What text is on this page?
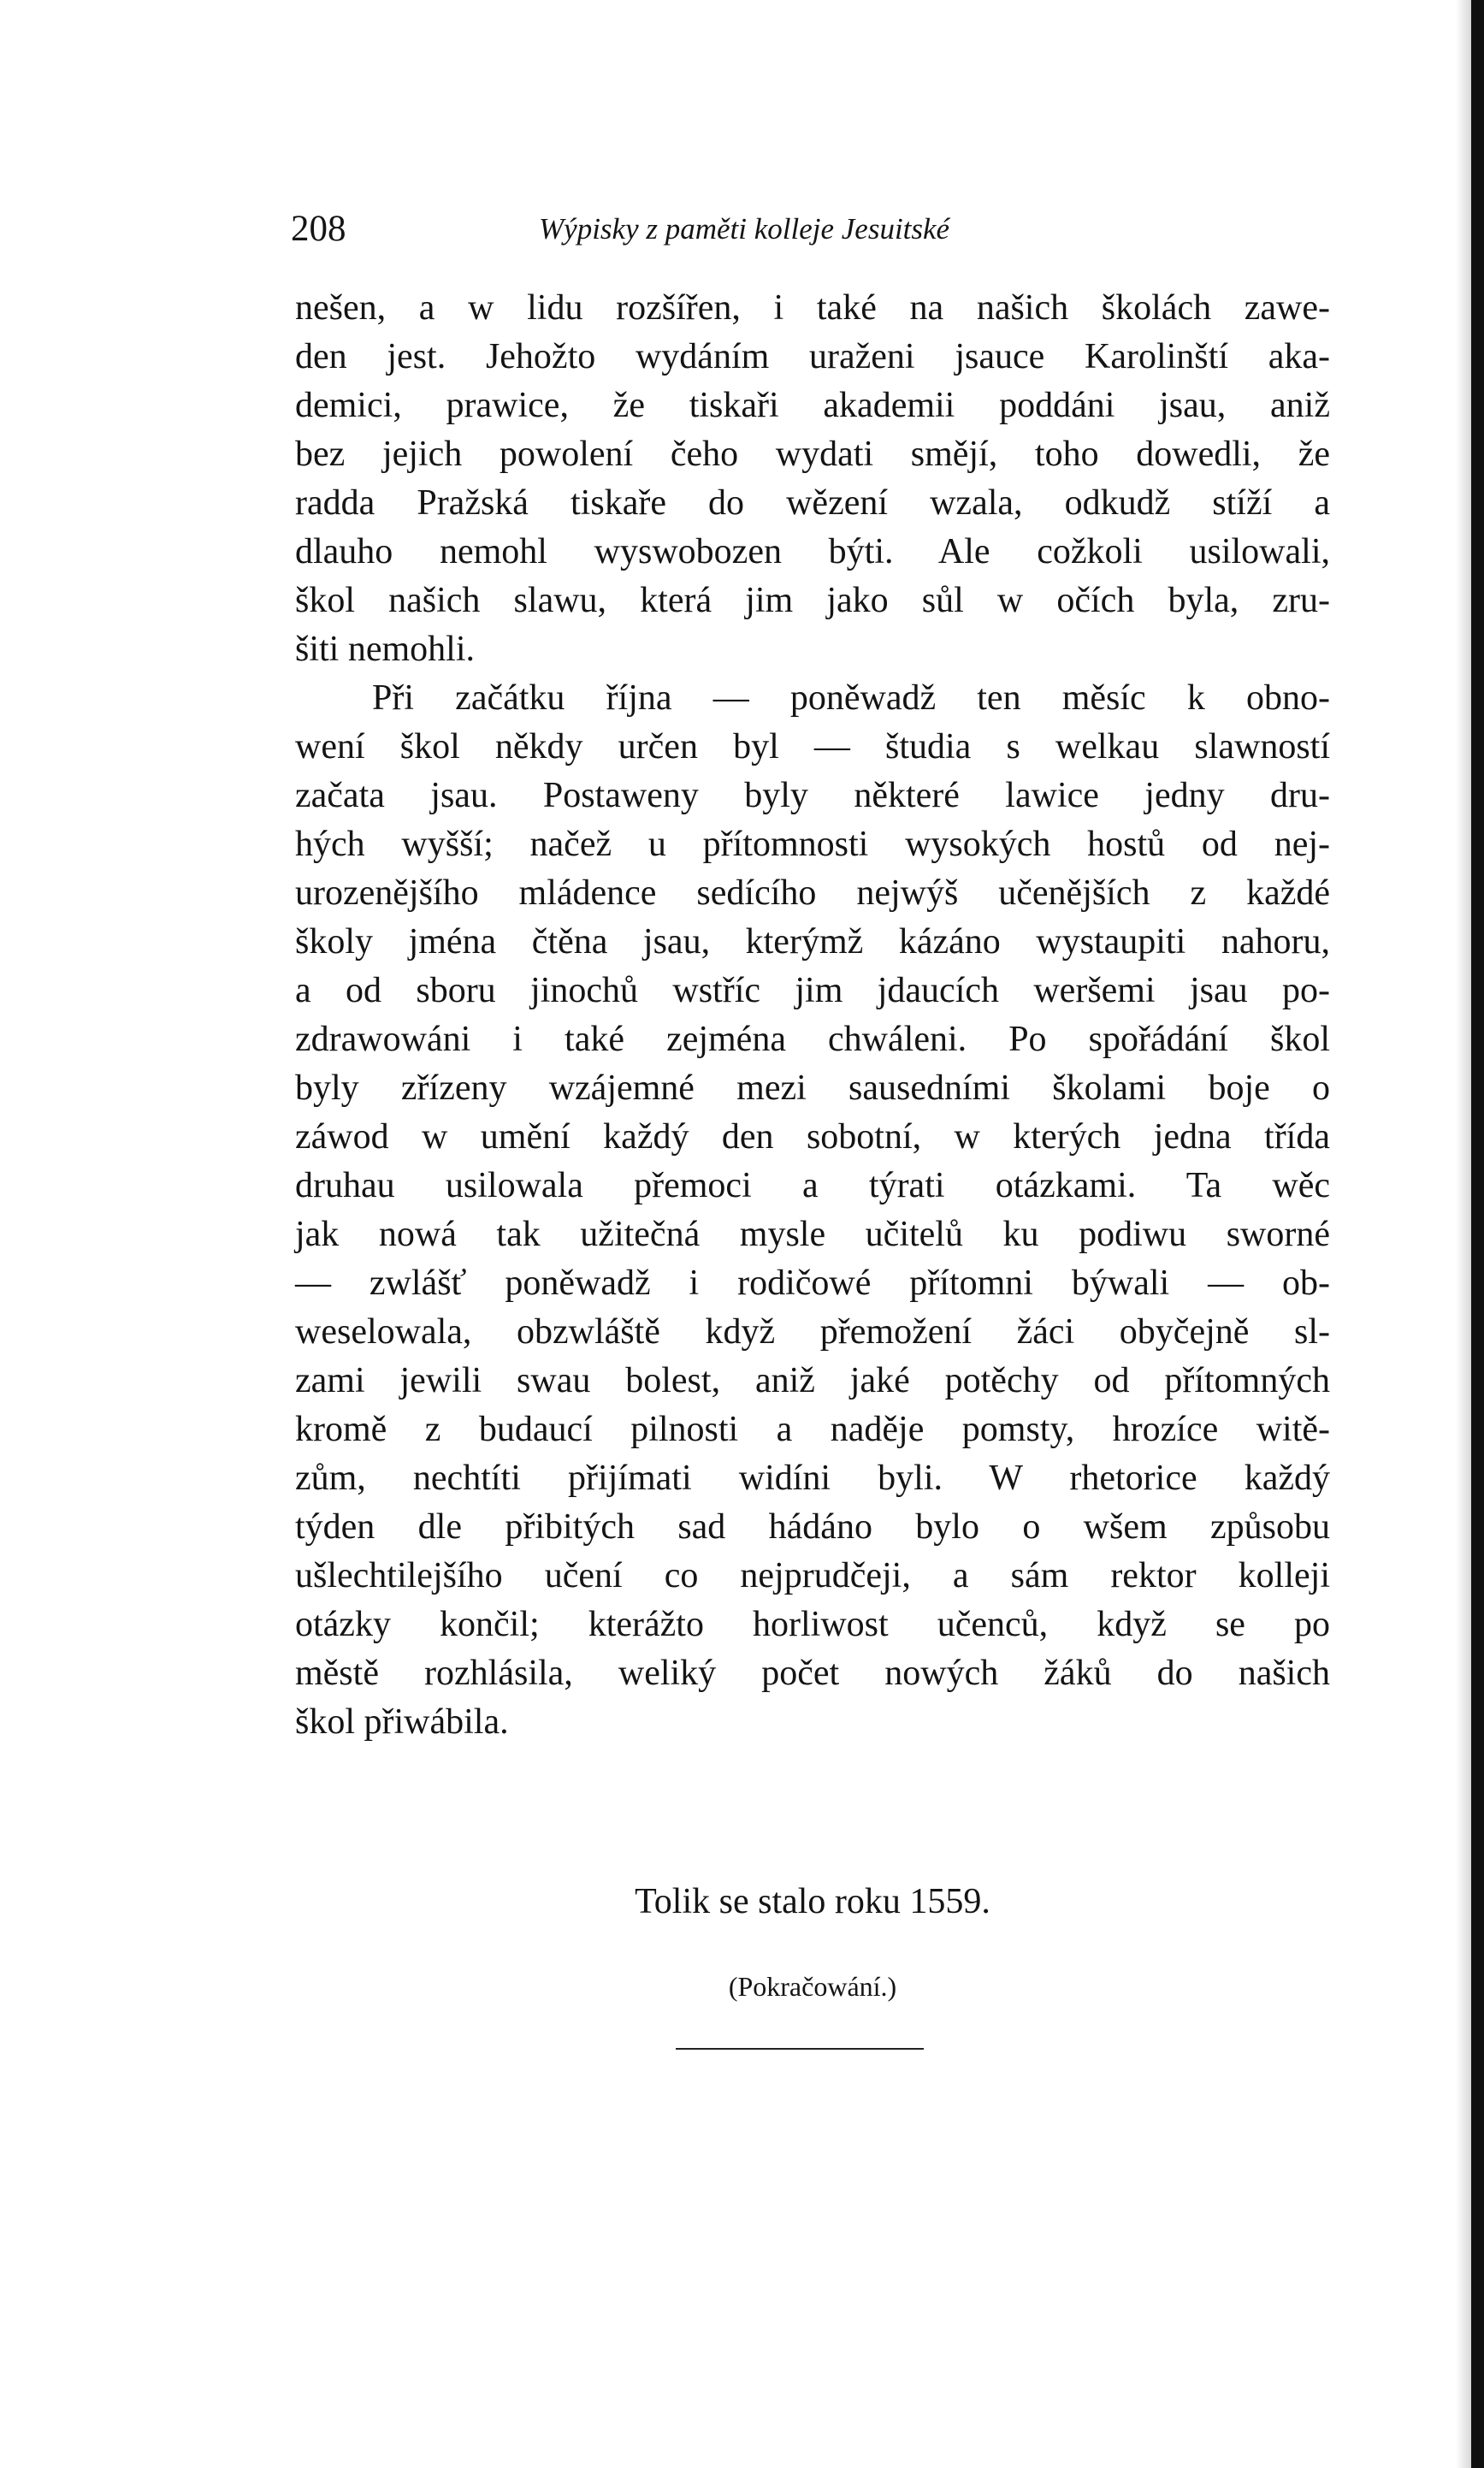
208	Wýpisky z paměti kolleje Jesuitské
nešen, a w lidu rozšířen, i také na našich školách zawe-
den jest. Jehožto wydáním uraženi jsauce Karolinští aka-
demici, prawice, že tiskaři akademii poddáni jsau, aniž
bez jejich powolení čeho wydati smějí, toho dowedli, že
radda Pražská tiskaře do wězení wzala, odkudž stíží a
dlauho nemohl wyswobozen býti. Ale cožkoli usilowali,
škol našich slawu, která jim jako sůl w očích byla, zru-
šiti nemohli.
Při začátku října — poněwadž ten měsíc k obno-
wení škol někdy určen byl — študia s welkau slawností
začata jsau. Postaweny byly některé lawice jedny dru-
hých wyšší; načež u přítomnosti wysokých hostů od nej-
urozenějšího mládence sedícího nejwýš učenějších z každé
školy jména čtěna jsau, kterýmž kázáno wystaupiti nahoru,
a od sboru jinochů wstříc jim jdaucích weršemi jsau po-
zdrawowáni i také zejména chwáleni. Po spořádání škol
byly zřízeny wzájemné mezi sausedními školami boje o
záwod w umění každý den sobotní, w kterých jedna třída
druhau usilowala přemoci a týrati otázkami. Ta wěc
jak nowá tak užitečná mysle učitelů ku podiwu sworné
— zwlášť poněwadž i rodičowé přítomni býwali — ob-
weselowala, obzwláště když přemožení žáci obyčejně sl-
zami jewili swau bolest, aniž jaké potěchy od přítomných
kromě z budaucí pilnosti a naděje pomsty, hrozíce witě-
zům, nechtíti přijímati widíni byli. W rhetorice každý
týden dle přibitých sad hádáno bylo o wšem způsobu
ušlechtilejšího učení co nejprudčeji, a sám rektor kolleji
otázky končil; kterážto horliwost učenců, když se po
městě rozhlásila, weliký počet nowých žáků do našich
škol přiwábila.
Tolik se stalo roku 1559.
(Pokračowání.)
